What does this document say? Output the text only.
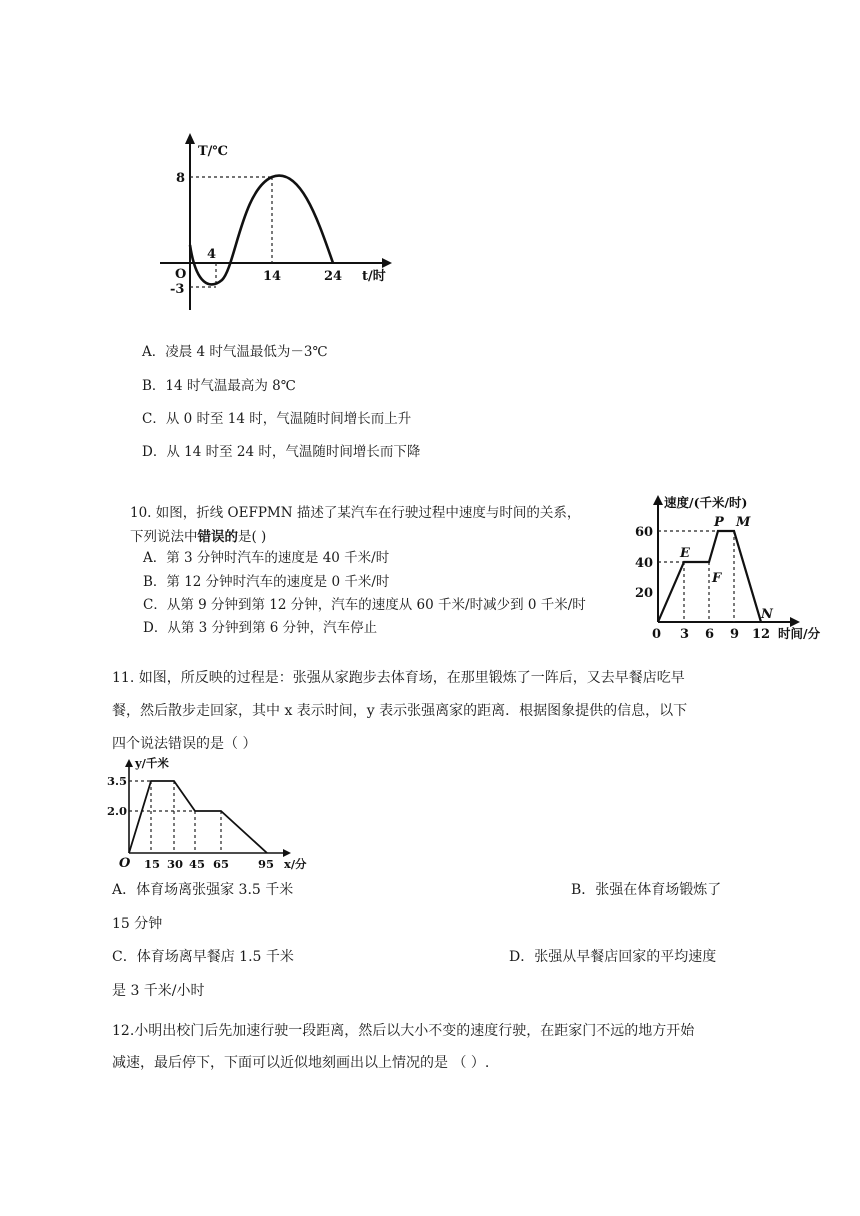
T/℃
t/时
O
8
-3
4
14	24
A．凌晨 4 时气温最低为－3℃
B．14 时气温最高为 8℃
C．从 0 时至 14 时，气温随时间增长而上升
D．从 14 时至 24 时，气温随时间增长而下降
10. 如图，折线 OEFPMN 描述了某汽车在行驶过程中速度与时间的关系，
下列说法中错误的是( )
A．第 3 分钟时汽车的速度是 40 千米/时
B．第 12 分钟时汽车的速度是 0 千米/时
C．从第 9 分钟到第 12 分钟，汽车的速度从 60 千米/时减少到 0 千米/时
D．从第 3 分钟到第 6 分钟，汽车停止
速度/(千米/时)
时间/分
0
60
40
20
3 6 9 12
E
F
P M
N
11. 如图，所反映的过程是：张强从家跑步去体育场，在那里锻炼了一阵后，又去早餐店吃早
餐，然后散步走回家，其中 x 表示时间，y 表示张强离家的距离．根据图象提供的信息，以下
四个说法错误的是（ ）
y/千米
x/分
O
3.5
2.0
15 30 45 65	95
A．体育场离张强家 3.5 千米	B．张强在体育场锻炼了
15 分钟
C．体育场离早餐店 1.5 千米	D．张强从早餐店回家的平均速度
是 3 千米/小时
12.小明出校门后先加速行驶一段距离，然后以大小不变的速度行驶，在距家门不远的地方开始
减速，最后停下，下面可以近似地刻画出以上情况的是 （ ）.
